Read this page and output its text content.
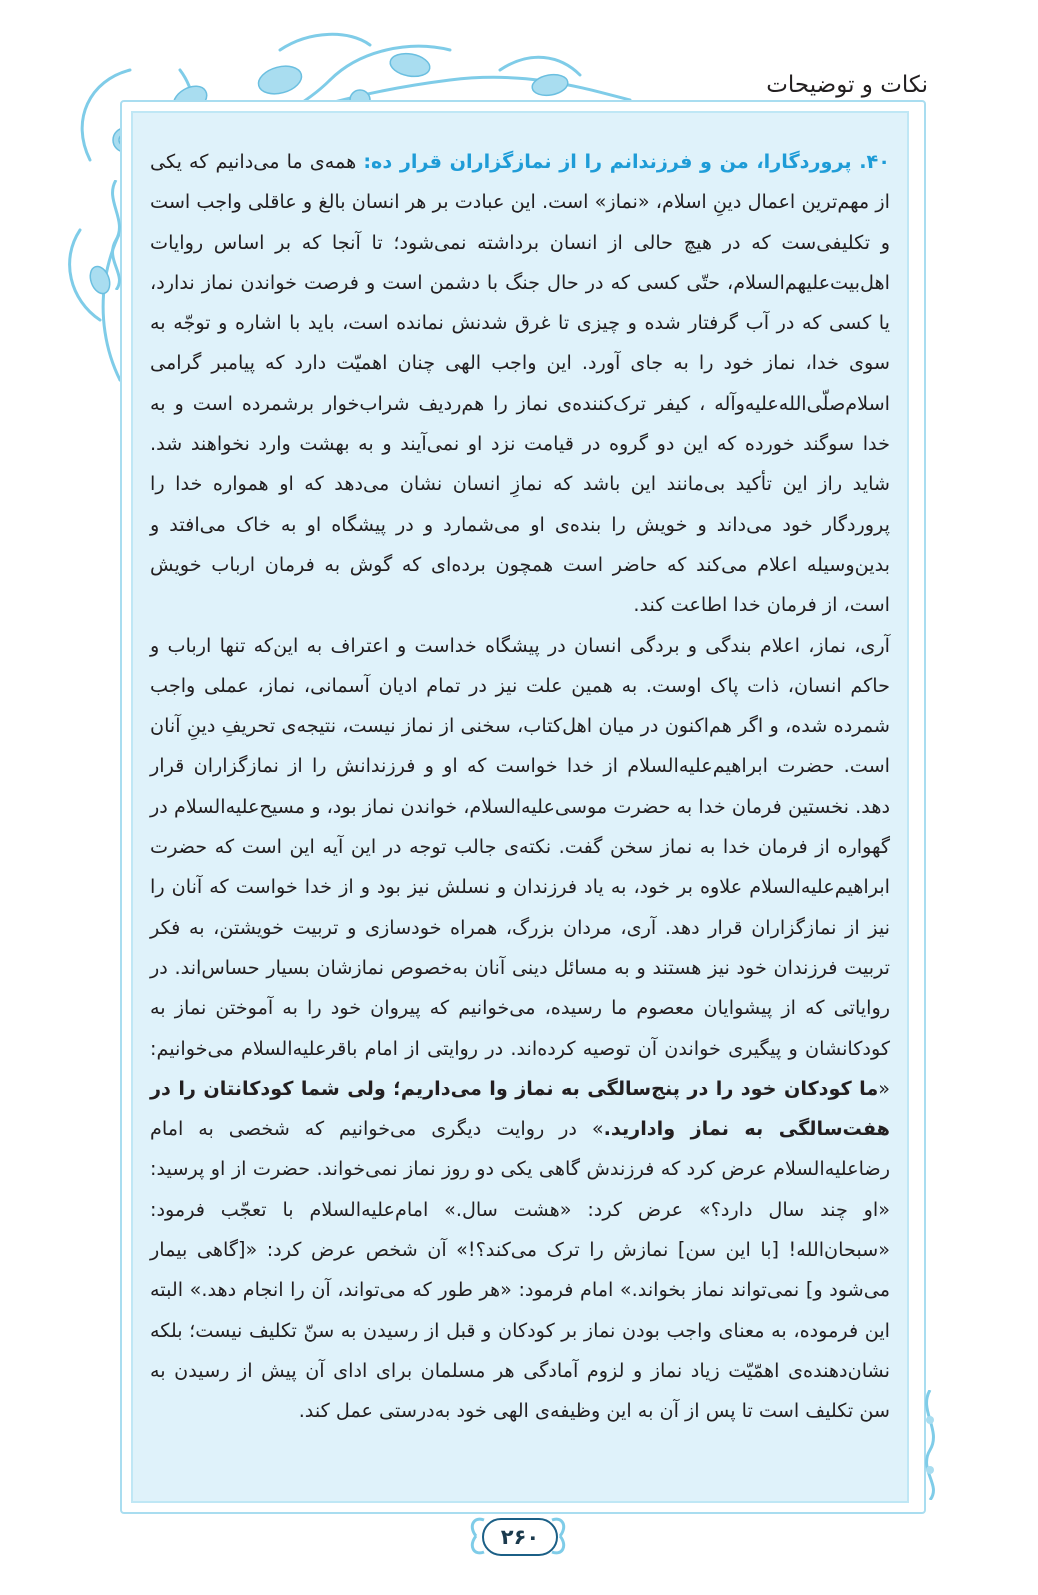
نکات و توضیحات

۴۰. پروردگارا، من و فرزندانم را از نمازگزاران قرار ده: همه‌ی ما می‌دانیم که یکی از مهم‌ترین اعمال دینِ اسلام، «نماز» است. این عبادت بر هر انسان بالغ و عاقلی واجب است و تکلیفی‌ست که در هیچ حالی از انسان برداشته نمی‌شود؛ تا آنجا که بر اساس روایات اهل‌بیت‌علیهم‌السلام، حتّی کسی که در حال جنگ با دشمن است و فرصت خواندن نماز ندارد، یا کسی که در آب گرفتار شده و چیزی تا غرق شدنش نمانده است، باید با اشاره و توجّه به سوی خدا، نماز خود را به جای آورد. این واجب الهی چنان اهمیّت دارد که پیامبر گرامی اسلام‌صلّی‌الله‌علیه‌وآله ، کیفر ترک‌کننده‌ی نماز را هم‌ردیف شراب‌خوار برشمرده است و به خدا سوگند خورده که این دو گروه در قیامت نزد او نمی‌آیند و به بهشت وارد نخواهند شد. شاید راز این تأکید بی‌مانند این باشد که نمازِ انسان نشان می‌دهد که او همواره خدا را پروردگار خود می‌داند و خویش را بنده‌ی او می‌شمارد و در پیشگاه او به خاک می‌افتد و بدین‌وسیله اعلام می‌کند که حاضر است همچون برده‌ای که گوش به فرمان ارباب خویش است، از فرمان خدا اطاعت کند.

آری، نماز، اعلام بندگی و بردگی انسان در پیشگاه خداست و اعتراف به این‌که تنها ارباب و حاکم انسان، ذات پاک اوست. به همین علت نیز در تمام ادیان آسمانی، نماز، عملی واجب شمرده شده، و اگر هم‌اکنون در میان اهل‌کتاب، سخنی از نماز نیست، نتیجه‌ی تحریفِ دینِ آنان است. حضرت ابراهیم‌علیه‌السلام از خدا خواست که او و فرزندانش را از نمازگزاران قرار دهد. نخستین فرمان خدا به حضرت موسی‌علیه‌السلام، خواندن نماز بود، و مسیح‌علیه‌السلام در گهواره از فرمان خدا به نماز سخن گفت. نکته‌ی جالب توجه در این آیه این است که حضرت ابراهیم‌علیه‌السلام علاوه بر خود، به یاد فرزندان و نسلش نیز بود و از خدا خواست که آنان را نیز از نمازگزاران قرار دهد. آری، مردان بزرگ، همراه خودسازی و تربیت خویشتن، به فکر تربیت فرزندان خود نیز هستند و به مسائل دینی آنان به‌خصوص نمازشان بسیار حساس‌اند. در روایاتی که از پیشوایان معصوم ما رسیده، می‌خوانیم که پیروان خود را به آموختن نماز به کودکانشان و پیگیری خواندن آن توصیه کرده‌اند. در روایتی از امام باقرعلیه‌السلام می‌خوانیم: «ما کودکان خود را در پنج‌سالگی به نماز وا می‌داریم؛ ولی شما کودکانتان را در هفت‌سالگی به نماز وادارید.» در روایت دیگری می‌خوانیم که شخصی به امام رضاعلیه‌السلام عرض کرد که فرزندش گاهی یکی دو روز نماز نمی‌خواند. حضرت از او پرسید: «او چند سال دارد؟» عرض کرد: «هشت سال.» امام‌علیه‌السلام با تعجّب فرمود: «سبحان‌الله! [با این سن] نمازش را ترک می‌کند؟!» آن شخص عرض کرد: «[گاهی بیمار می‌شود و] نمی‌تواند نماز بخواند.» امام فرمود: «هر طور که می‌تواند، آن را انجام دهد.» البته این فرموده، به معنای واجب بودن نماز بر کودکان و قبل از رسیدن به سنّ تکلیف نیست؛ بلکه نشان‌دهنده‌ی اهمّیّت زیاد نماز و لزوم آمادگی هر مسلمان برای ادای آن پیش از رسیدن به سن تکلیف است تا پس از آن به این وظیفه‌ی الهی خود به‌درستی عمل کند.

۲۶۰
